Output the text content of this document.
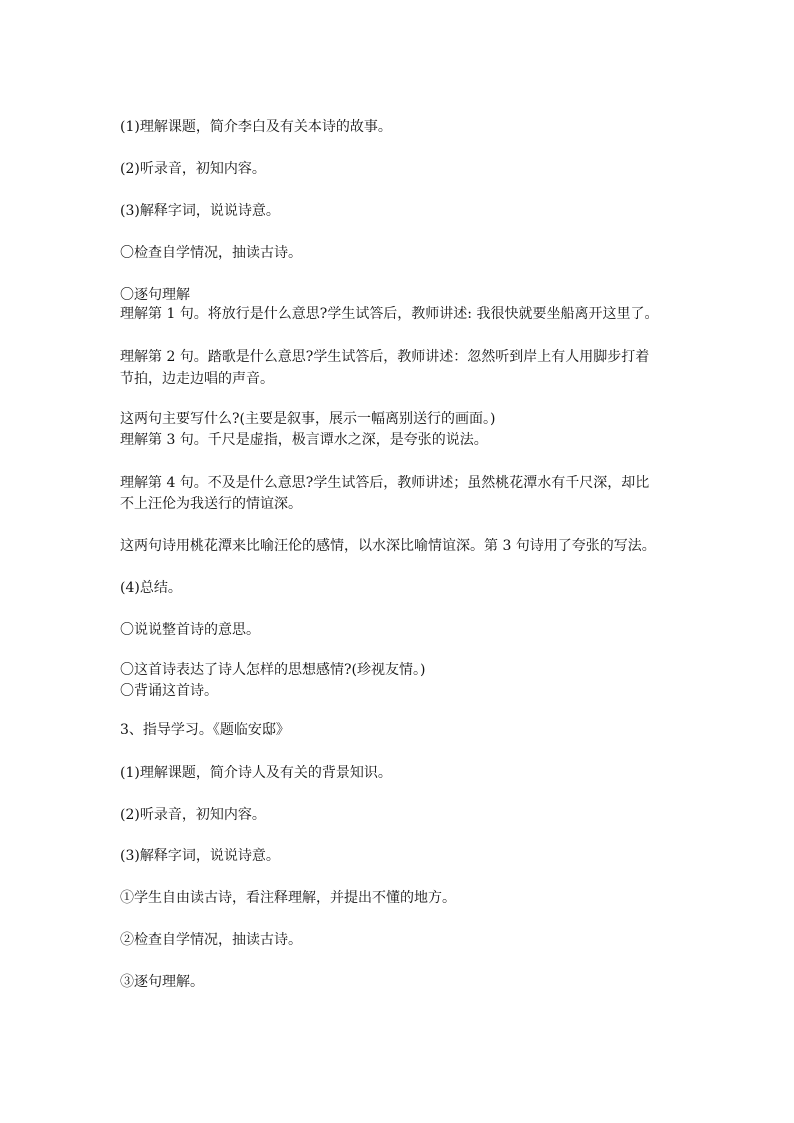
(1)理解课题，简介李白及有关本诗的故事。
(2)听录音，初知内容。
(3)解释字词，说说诗意。
〇检查自学情况，抽读古诗。
〇逐句理解
理解第 1 句。将放行是什么意思?学生试答后，教师讲述: 我很快就要坐船离开这里了。
理解第 2 句。踏歌是什么意思?学生试答后，教师讲述：忽然听到岸上有人用脚步打着
节拍，边走边唱的声音。
这两句主要写什么?(主要是叙事，展示一幅离别送行的画面。)
理解第 3 句。千尺是虚指，极言谭水之深，是夸张的说法。
理解第 4 句。不及是什么意思?学生试答后，教师讲述；虽然桃花潭水有千尺深，却比
不上汪伦为我送行的情谊深。
这两句诗用桃花潭来比喻汪伦的感情，以水深比喻情谊深。第 3 句诗用了夸张的写法。
(4)总结。
〇说说整首诗的意思。
〇这首诗表达了诗人怎样的思想感情?(珍视友情。)
〇背诵这首诗。
3、指导学习。《题临安邸》
(1)理解课题，简介诗人及有关的背景知识。
(2)听录音，初知内容。
(3)解释字词，说说诗意。
①学生自由读古诗，看注释理解，并提出不懂的地方。
②检查自学情况，抽读古诗。
③逐句理解。
